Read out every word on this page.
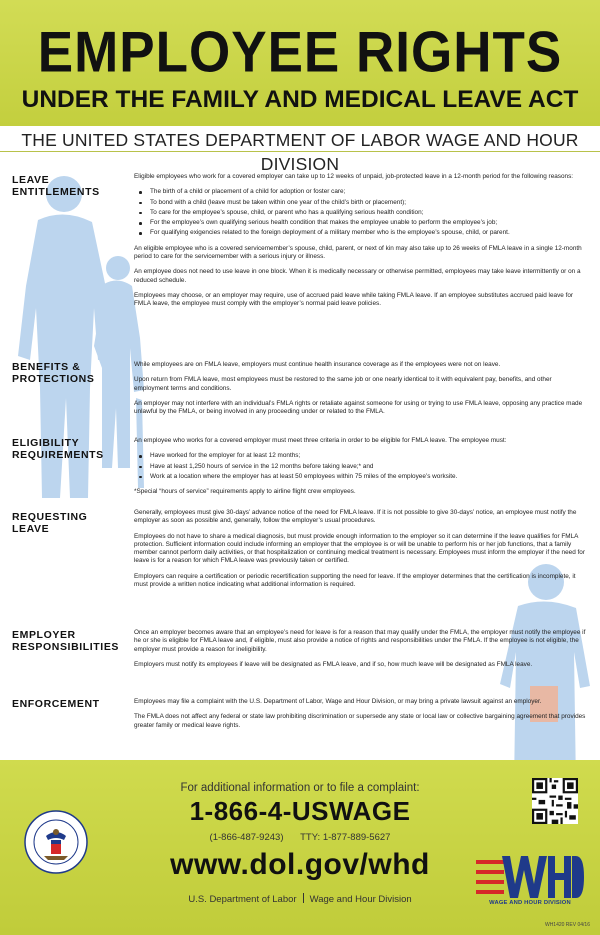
EMPLOYEE RIGHTS
UNDER THE FAMILY AND MEDICAL LEAVE ACT
THE UNITED STATES DEPARTMENT OF LABOR WAGE AND HOUR DIVISION
LEAVE
ENTITLEMENTS

Eligible employees who work for a covered employer can take up to 12 weeks of unpaid, job-protected leave in a 12-month period for the following reasons:

The birth of a child or placement of a child for adoption or foster care;
To bond with a child (leave must be taken within one year of the child’s birth or placement);
To care for the employee’s spouse, child, or parent who has a qualifying serious health condition;
For the employee’s own qualifying serious health condition that makes the employee unable to perform the employee’s job;
For qualifying exigencies related to the foreign deployment of a military member who is the employee’s spouse, child, or parent.

An eligible employee who is a covered servicemember’s spouse, child, parent, or next of kin may also take up to 26 weeks of FMLA leave in a single 12-month period to care for the servicemember with a serious injury or illness.

An employee does not need to use leave in one block. When it is medically necessary or otherwise permitted, employees may take leave intermittently or on a reduced schedule.

Employees may choose, or an employer may require, use of accrued paid leave while taking FMLA leave. If an employee substitutes accrued paid leave for FMLA leave, the employee must comply with the employer’s normal paid leave policies.

BENEFITS &
PROTECTIONS

While employees are on FMLA leave, employers must continue health insurance coverage as if the employees were not on leave.

Upon return from FMLA leave, most employees must be restored to the same job or one nearly identical to it with equivalent pay, benefits, and other employment terms and conditions.

An employer may not interfere with an individual’s FMLA rights or retaliate against someone for using or trying to use FMLA leave, opposing any practice made unlawful by the FMLA, or being involved in any proceeding under or related to the FMLA.

ELIGIBILITY
REQUIREMENTS

An employee who works for a covered employer must meet three criteria in order to be eligible for FMLA leave. The employee must:

Have worked for the employer for at least 12 months;
Have at least 1,250 hours of service in the 12 months before taking leave;* and
Work at a location where the employer has at least 50 employees within 75 miles of the employee’s worksite.

*Special “hours of service” requirements apply to airline flight crew employees.

REQUESTING
LEAVE

Generally, employees must give 30-days’ advance notice of the need for FMLA leave. If it is not possible to give 30-days’ notice, an employee must notify the employer as soon as possible and, generally, follow the employer’s usual procedures.

Employees do not have to share a medical diagnosis, but must provide enough information to the employer so it can determine if the leave qualifies for FMLA protection. Sufficient information could include informing an employer that the employee is or will be unable to perform his or her job functions, that a family member cannot perform daily activities, or that hospitalization or continuing medical treatment is necessary. Employees must inform the employer if the need for leave is for a reason for which FMLA leave was previously taken or certified.

Employers can require a certification or periodic recertification supporting the need for leave. If the employer determines that the certification is incomplete, it must provide a written notice indicating what additional information is required.

EMPLOYER
RESPONSIBILITIES

Once an employer becomes aware that an employee’s need for leave is for a reason that may qualify under the FMLA, the employer must notify the employee if he or she is eligible for FMLA leave and, if eligible, must also provide a notice of rights and responsibilities under the FMLA. If the employee is not eligible, the employer must provide a reason for ineligibility.

Employers must notify its employees if leave will be designated as FMLA leave, and if so, how much leave will be designated as FMLA leave.

ENFORCEMENT	Employees may file a complaint with the U.S. Department of Labor, Wage and Hour Division, or may bring a private lawsuit against an employer.

The FMLA does not affect any federal or state law prohibiting discrimination or supersede any state or local law or collective bargaining agreement that provides greater family or medical leave rights.

For additional information or to file a complaint:
1-866-4-USWAGE
(1-866-487-9243) TTY: 1-877-889-5627
www.dol.gov/whd
U.S. Department of Labor Wage and Hour Division
WH1420 REV 04/16
WAGE AND HOUR DIVISION
